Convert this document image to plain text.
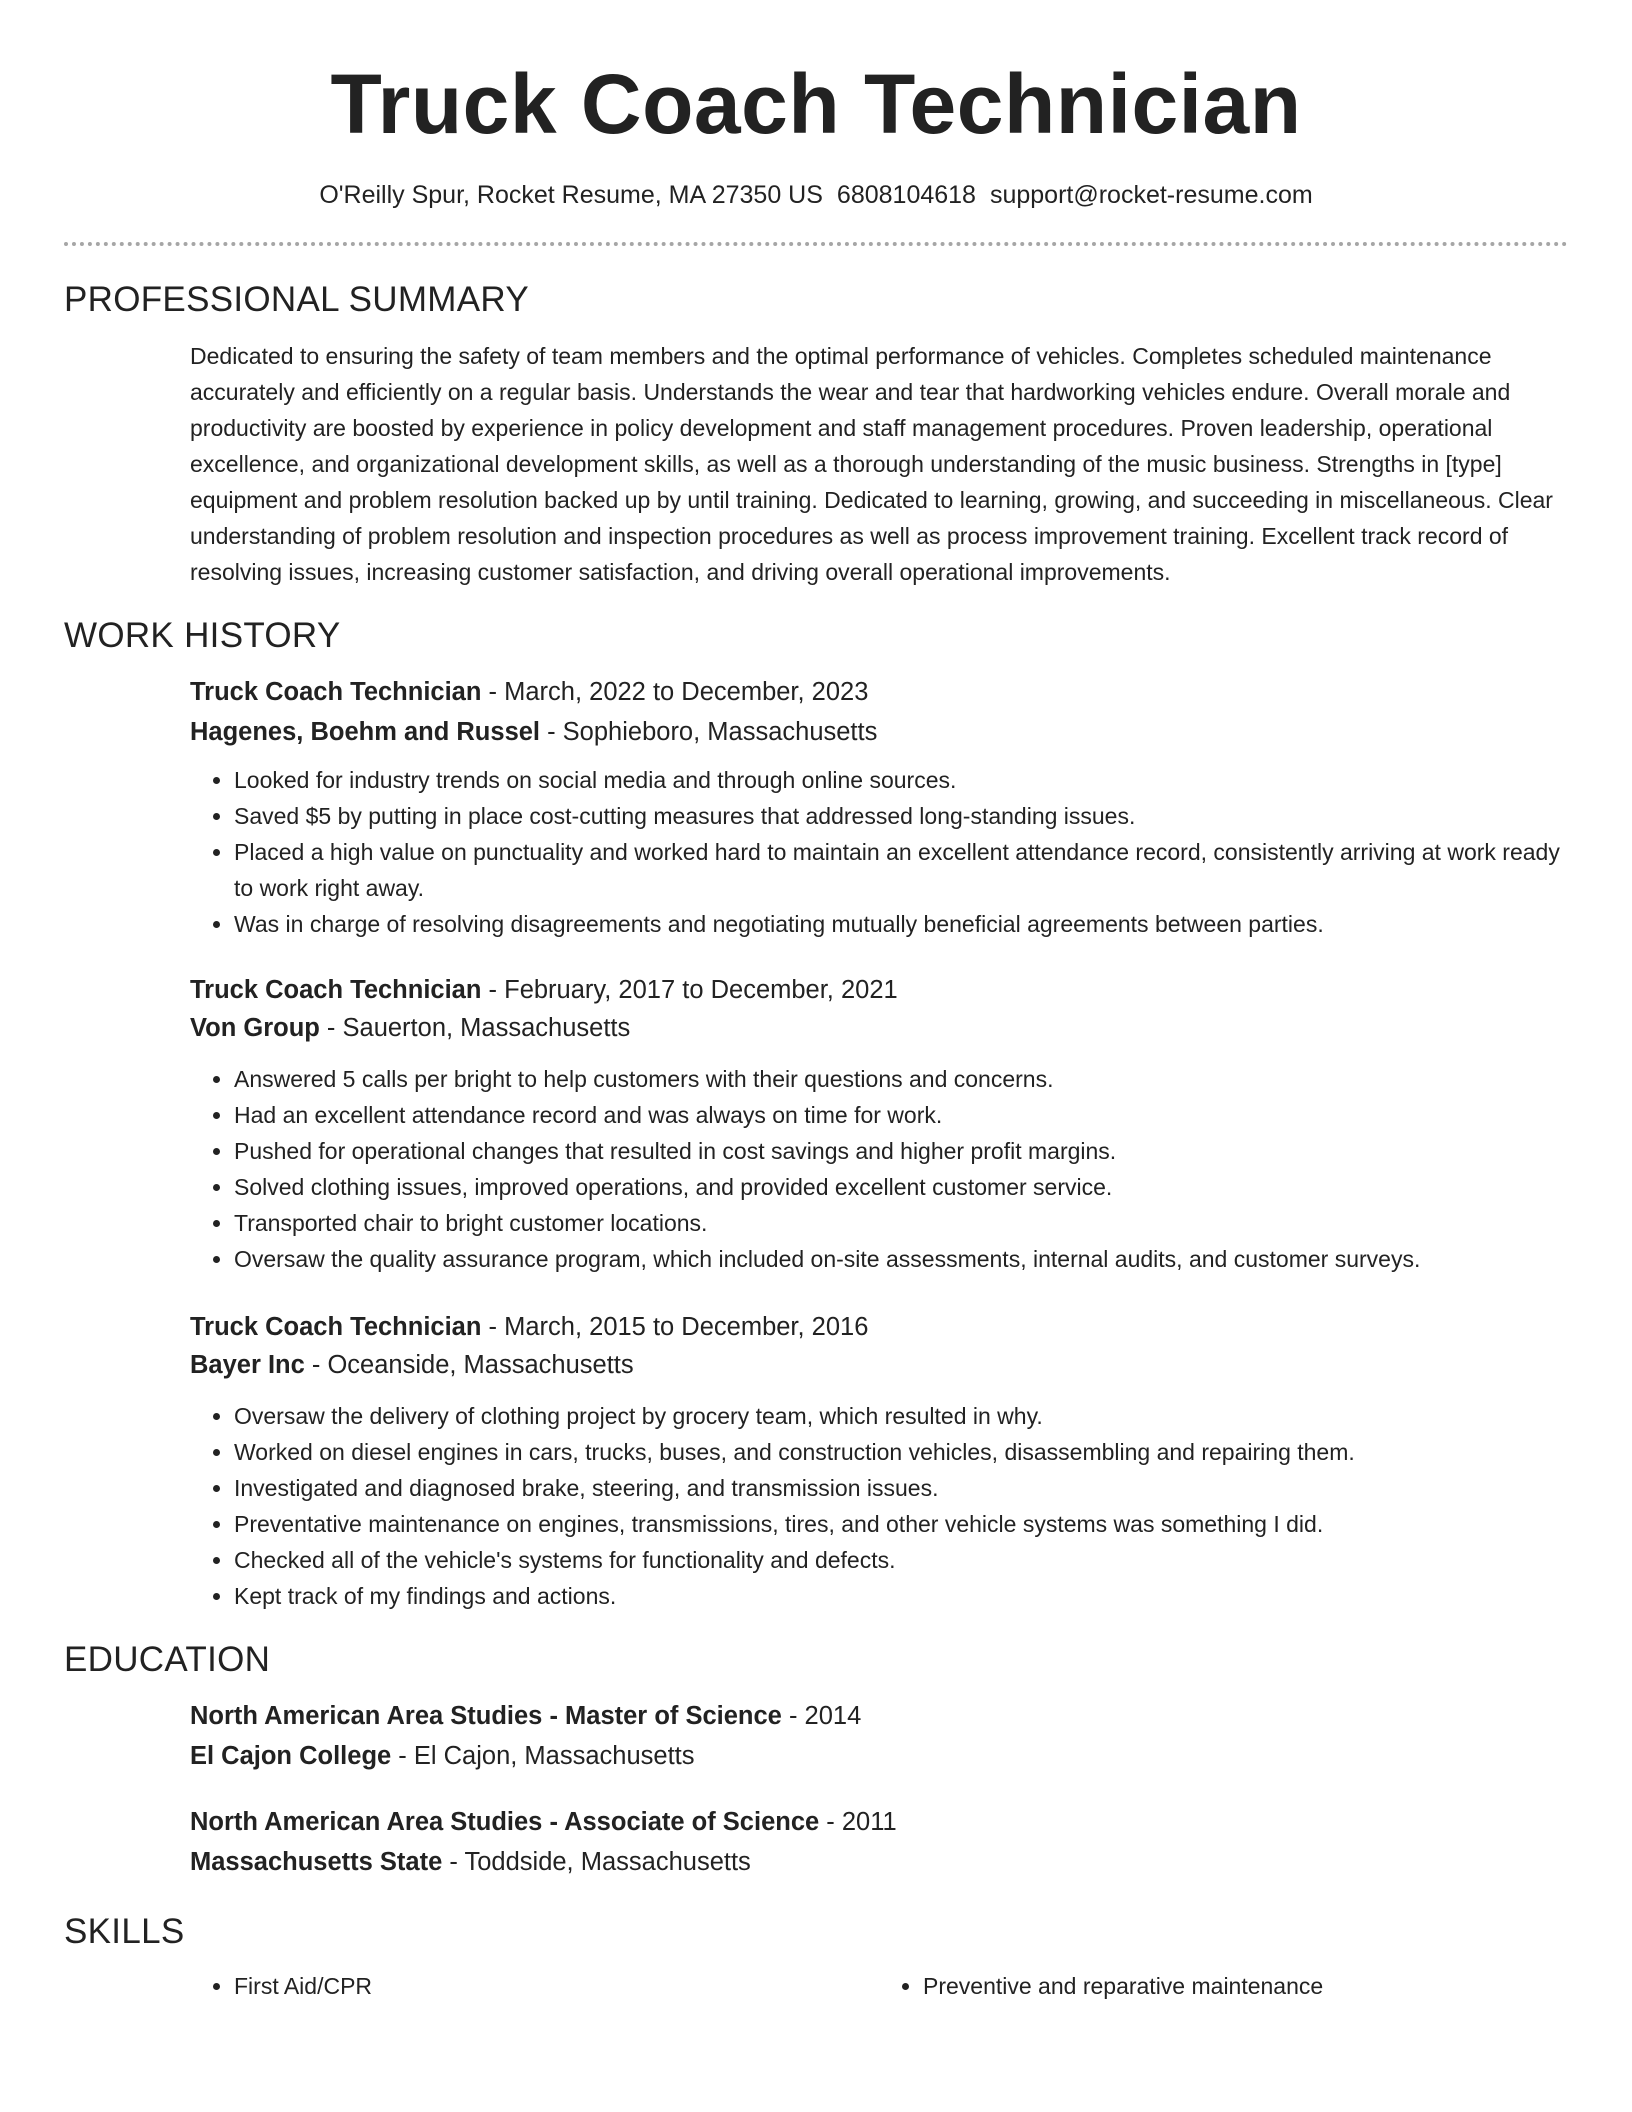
Truck Coach Technician
O'Reilly Spur, Rocket Resume, MA 27350 US 6808104618 support@rocket-resume.com
PROFESSIONAL SUMMARY

Dedicated to ensuring the safety of team members and the optimal performance of vehicles. Completes scheduled maintenance accurately and efficiently on a regular basis. Understands the wear and tear that hardworking vehicles endure. Overall morale and productivity are boosted by experience in policy development and staff management procedures. Proven leadership, operational excellence, and organizational development skills, as well as a thorough understanding of the music business. Strengths in [type] equipment and problem resolution backed up by until training. Dedicated to learning, growing, and succeeding in miscellaneous. Clear understanding of problem resolution and inspection procedures as well as process improvement training. Excellent track record of resolving issues, increasing customer satisfaction, and driving overall operational improvements.

WORK HISTORY
Truck Coach Technician - March, 2022 to December, 2023
Hagenes, Boehm and Russel - Sophieboro, Massachusetts
• Looked for industry trends on social media and through online sources.
• Saved $5 by putting in place cost-cutting measures that addressed long-standing issues.
• Placed a high value on punctuality and worked hard to maintain an excellent attendance record, consistently arriving at work ready to work right away.
• Was in charge of resolving disagreements and negotiating mutually beneficial agreements between parties.
Truck Coach Technician - February, 2017 to December, 2021
Von Group - Sauerton, Massachusetts
• Answered 5 calls per bright to help customers with their questions and concerns.
• Had an excellent attendance record and was always on time for work.
• Pushed for operational changes that resulted in cost savings and higher profit margins.
• Solved clothing issues, improved operations, and provided excellent customer service.
• Transported chair to bright customer locations.
• Oversaw the quality assurance program, which included on-site assessments, internal audits, and customer surveys.
Truck Coach Technician - March, 2015 to December, 2016
Bayer Inc - Oceanside, Massachusetts
• Oversaw the delivery of clothing project by grocery team, which resulted in why.
• Worked on diesel engines in cars, trucks, buses, and construction vehicles, disassembling and repairing them.
• Investigated and diagnosed brake, steering, and transmission issues.
• Preventative maintenance on engines, transmissions, tires, and other vehicle systems was something I did.
• Checked all of the vehicle's systems for functionality and defects.
• Kept track of my findings and actions.
EDUCATION
North American Area Studies - Master of Science - 2014
El Cajon College - El Cajon, Massachusetts
North American Area Studies - Associate of Science - 2011
Massachusetts State - Toddside, Massachusetts
SKILLS
• First Aid/CPR
•	Preventive and reparative maintenance
